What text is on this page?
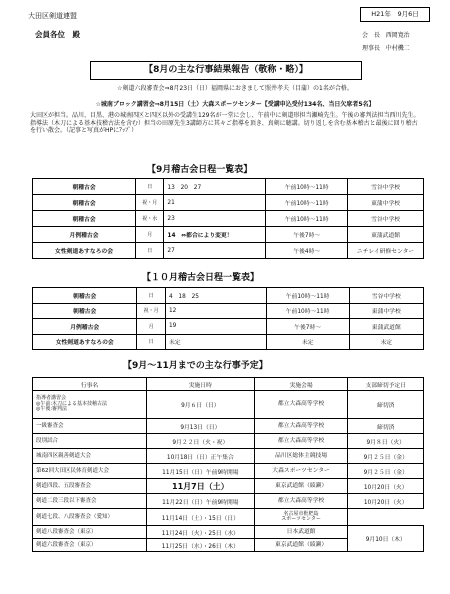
大田区剣道連盟	H21年　9月6日
会員各位　殿	会　長 西岡寛治
理事長 中村機二
【8月の主な行事結果報告（敬称・略）】
☆剣道六段審査会⇒8月23日（日）福岡県におきまして照井孝夫（目蒲）の1名が合格。
☆城南ブロック講習会⇒8月15日（土）大森スポーツセンター【受講申込受付134名、当日欠席者5名】
大田区が担当。品川、目黒、港の城南四区と四区以外の受講生129名が一堂に会し、午前中に剣道形担当瀬崎先生。午後の審判法担当西川先生。指導法（木刀による基本技稽古法を含む）担当の田原先生3講師方に其々ご指導を頂き、真剣に聴講。切り返しを含む基本稽古と最後に回り稽古を行い散会。（記事と写真がHPにｱｯﾌﾟ）
【9月稽古会日程一覧表】
朝稽古会	日	13　20　27	午前10時～11時	雪谷中学校
朝稽古会	祝・月	21	午前10時～11時	東蒲中学校
朝稽古会	祝・水	23	午前10時～11時	雪谷中学校
月例稽古会	月	14　⇔都合により変更！	午後7時～	東蒲武道館
女性剣道あすなろの会	日	27	午後4時～	ニチレイ研修センター
【１０月稽古会日程一覧表】
朝稽古会	日	4　18　25	午前10時～11時	雪谷中学校
朝稽古会	祝・月	12	午前10時～11時	東蒲中学校
月例稽古会	月	19	午後7時～	東蒲武道館
女性剣道あすなろの会	日	未定	未定	未定
【9月～11月までの主な行事予定】
行事名	実施日時	実施会場	支部締切予定日
指導者講習会
◎午前:木刀による基本技稽古法
◎午後:審判法	9月６日（日）	都立大森高等学校	締切済
一級審査会	9月13日（日）	都立大森高等学校	締切済
段別試合	9月２２日（火・祝）	都立大森高等学校	9月８日（火）
城南四区親善剣道大会	10月18日（日）正午集合	品川区総体主競技場	9月２５日（金）
第62回大田区民体育剣道大会	11月15日（日）午前9時開場	大森スポーツセンター	9月２５日（金）
剣道四段、五段審査会	11月7日（土）	東京武道館（綾瀬）	10月20日（火）
剣道二段三段以下審査会	11月22日（日）午前9時開場	都立大森高等学校	10月20日（火）
剣道七段、八段審査会（愛知）	11月14日（土）・15日（日）	名古屋市枇杷島
スポーツセンター	
剣道八段審査会（東京）	11月24日（火）・25日（水）	日本武道館	9月10日（木）
剣道六段審査会（東京）	11月25日（水）・26日（木）	東京武道館（綾瀬）	
